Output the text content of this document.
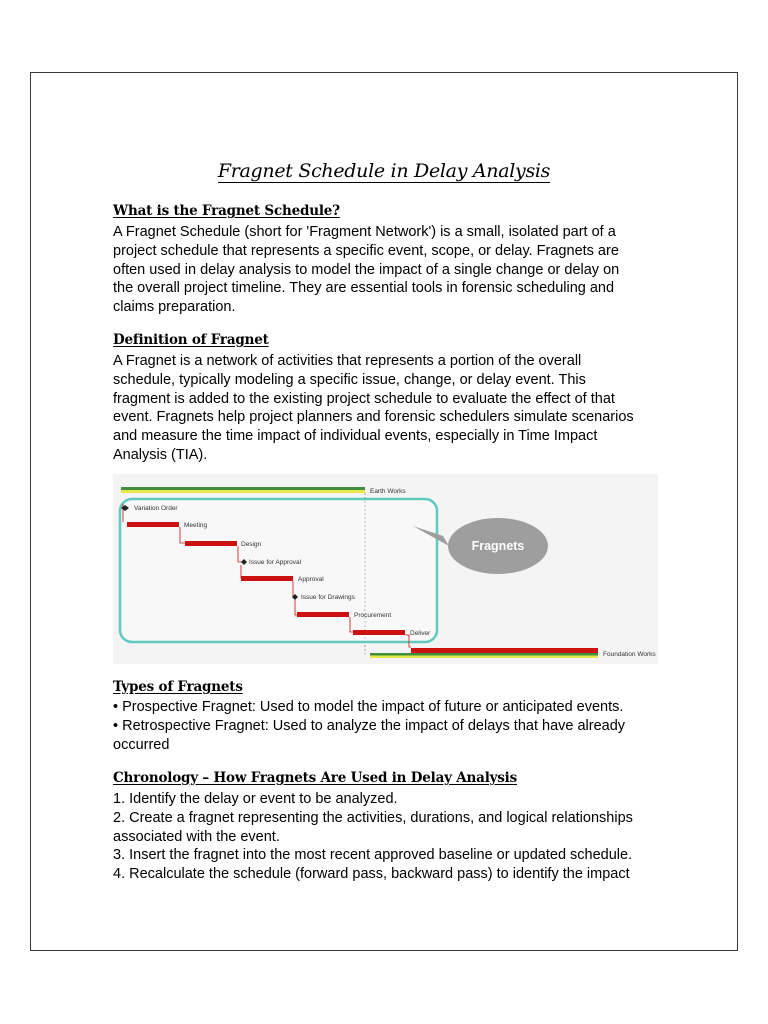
Fragnet Schedule in Delay Analysis
What is the Fragnet Schedule?
A Fragnet Schedule (short for 'Fragment Network') is a small, isolated part of a
project schedule that represents a specific event, scope, or delay. Fragnets are
often used in delay analysis to model the impact of a single change or delay on
the overall project timeline. They are essential tools in forensic scheduling and
claims preparation.
Definition of Fragnet
A Fragnet is a network of activities that represents a portion of the overall
schedule, typically modeling a specific issue, change, or delay event. This
fragment is added to the existing project schedule to evaluate the effect of that
event. Fragnets help project planners and forensic schedulers simulate scenarios
and measure the time impact of individual events, especially in Time Impact
Analysis (TIA).
Earth Works
Variation Order
Meeting
Design
Issue for Approval
Approval
Issue for Drawings
Procurement
Deliver
Foundation Works
Fragnets
Types of Fragnets
• Prospective Fragnet: Used to model the impact of future or anticipated events.
• Retrospective Fragnet: Used to analyze the impact of delays that have already
occurred
Chronology – How Fragnets Are Used in Delay Analysis
1. Identify the delay or event to be analyzed.
2. Create a fragnet representing the activities, durations, and logical relationships
associated with the event.
3. Insert the fragnet into the most recent approved baseline or updated schedule.
4. Recalculate the schedule (forward pass, backward pass) to identify the impact
